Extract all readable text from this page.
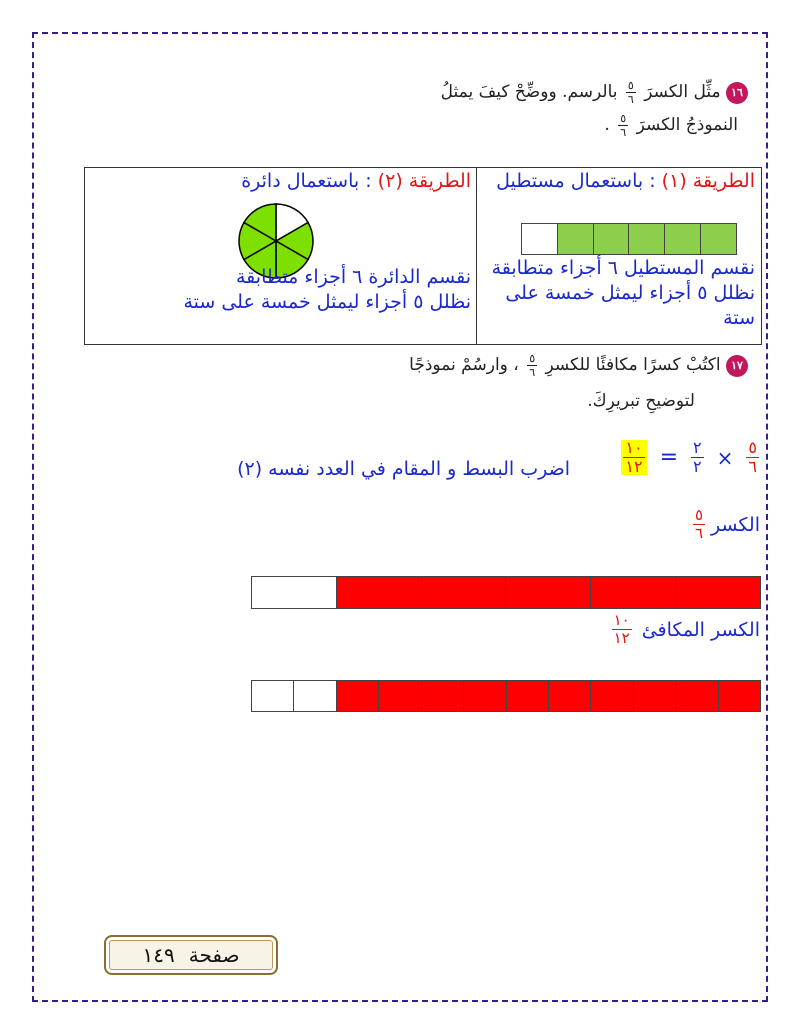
١٦ مثِّل الكسرَ
$\frac{٥}{٦}$
بالرسم. ووضِّحْ كيفَ يمثلُ
النموذجُ الكسرَ
$\frac{٥}{٦}$
.
الطريقة (١) : باستعمال مستطيل
نقسم المستطيل ٦ أجزاء متطابقة نظلل ٥ أجزاء ليمثل خمسة على ستة
الطريقة (٢) : باستعمال دائرة
نقسم الدائرة ٦ أجزاء متطابقة
نظلل ٥ أجزاء ليمثل خمسة على ستة
١٧ اكتُبْ كسرًا مكافئًا للكسرِ
$\frac{٥}{٦}$
، وارسُمْ نموذجًا
لتوضيحِ تبريرِكَ.
$\frac{١٠}{١٢} = \frac{٢}{٢} \times \frac{٥}{٦}$
اضرب البسط و المقام في العدد نفسه (٢)
الكسر
$\frac{٥}{٦}$
الكسر المكافئ
$\frac{١٠}{١٢}$
صفحة
١٤٩
